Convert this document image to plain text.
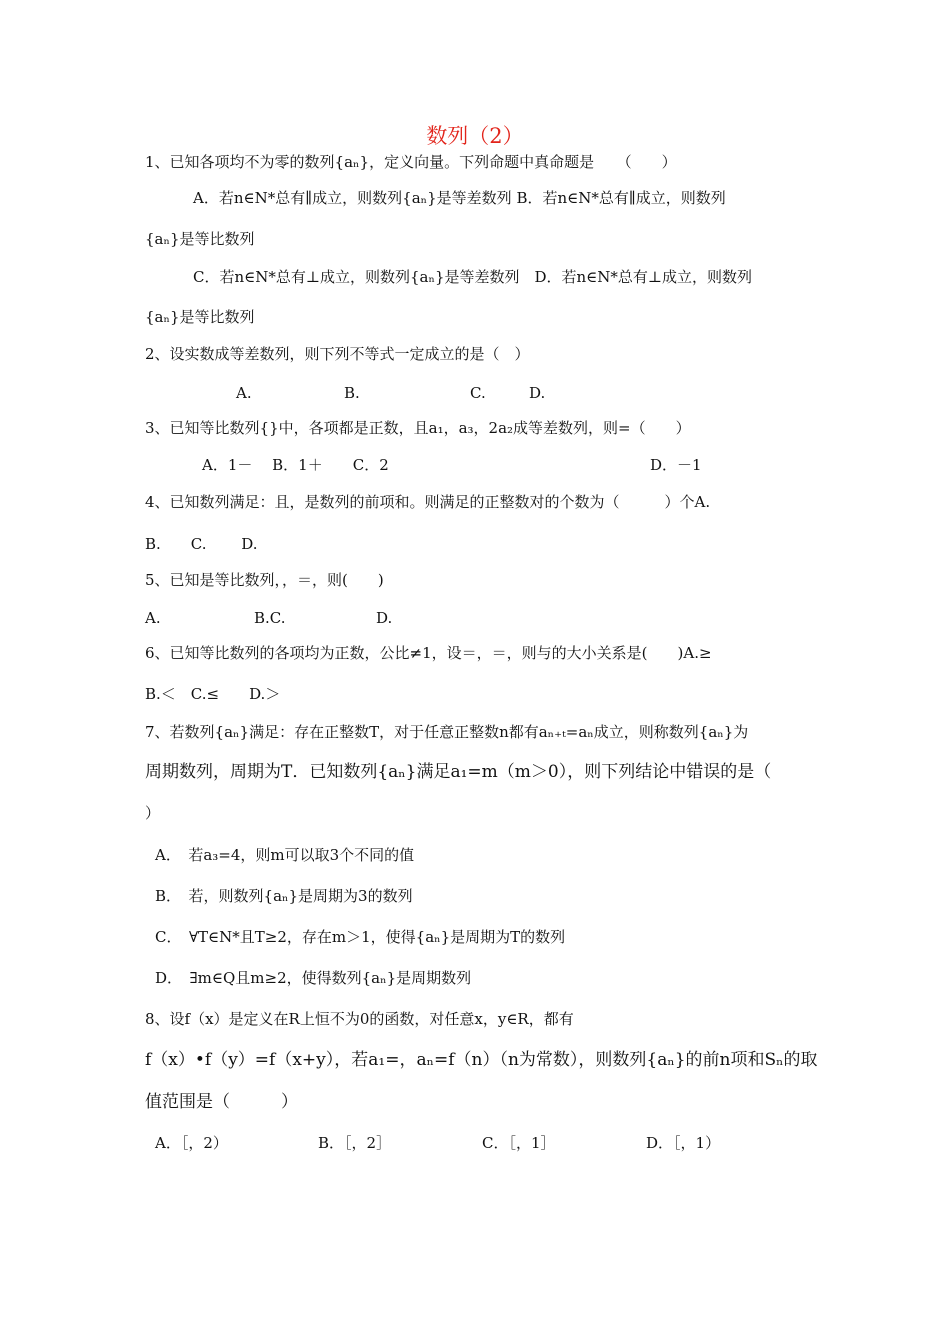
数列（2）
1、已知各项均不为零的数列{aₙ}，定义向量。下列命题中真命题是　　（　　）
A．若n∈N*总有∥成立，则数列{aₙ}是等差数列 B．若n∈N*总有∥成立，则数列
{aₙ}是等比数列
C．若n∈N*总有⊥成立，则数列{aₙ}是等差数列　D．若n∈N*总有⊥成立，则数列
{aₙ}是等比数列
2、设实数成等差数列，则下列不等式一定成立的是（　）
A.	B.	C.	D.
3、已知等比数列{}中，各项都是正数，且a₁，a₃，2a₂成等差数列，则=（　　）
A．1－　 B．1＋　　C．2	D．－1
4、已知数列满足：且，是数列的前项和。则满足的正整数对的个数为（　　　）个A.
B.　　C.　　 D.
5、已知是等比数列，，＝，则(　　)
A.	B.C.	D.
6、已知等比数列的各项均为正数，公比≠1，设＝，＝，则与的大小关系是(　　)A.≥
B.＜　C.≤　　D.＞
7、若数列{aₙ}满足：存在正整数T，对于任意正整数n都有aₙ₊ₜ=aₙ成立，则称数列{aₙ}为
周期数列，周期为T．已知数列{aₙ}满足a₁=m（m＞0），则下列结论中错误的是（
）
A．　若a₃=4，则m可以取3个不同的值
B．　若，则数列{aₙ}是周期为3的数列
C．　∀T∈N*且T≥2，存在m＞1，使得{aₙ}是周期为T的数列
D．　∃m∈Q且m≥2，使得数列{aₙ}是周期数列
8、设f（x）是定义在R上恒不为0的函数，对任意x，y∈R，都有
f（x）•f（y）=f（x+y），若a₁=，aₙ=f（n）（n为常数），则数列{aₙ}的前n项和Sₙ的取
值范围是（　　　）
A．［，2）	B．［，2］	C．［，1］	D．［，1）
